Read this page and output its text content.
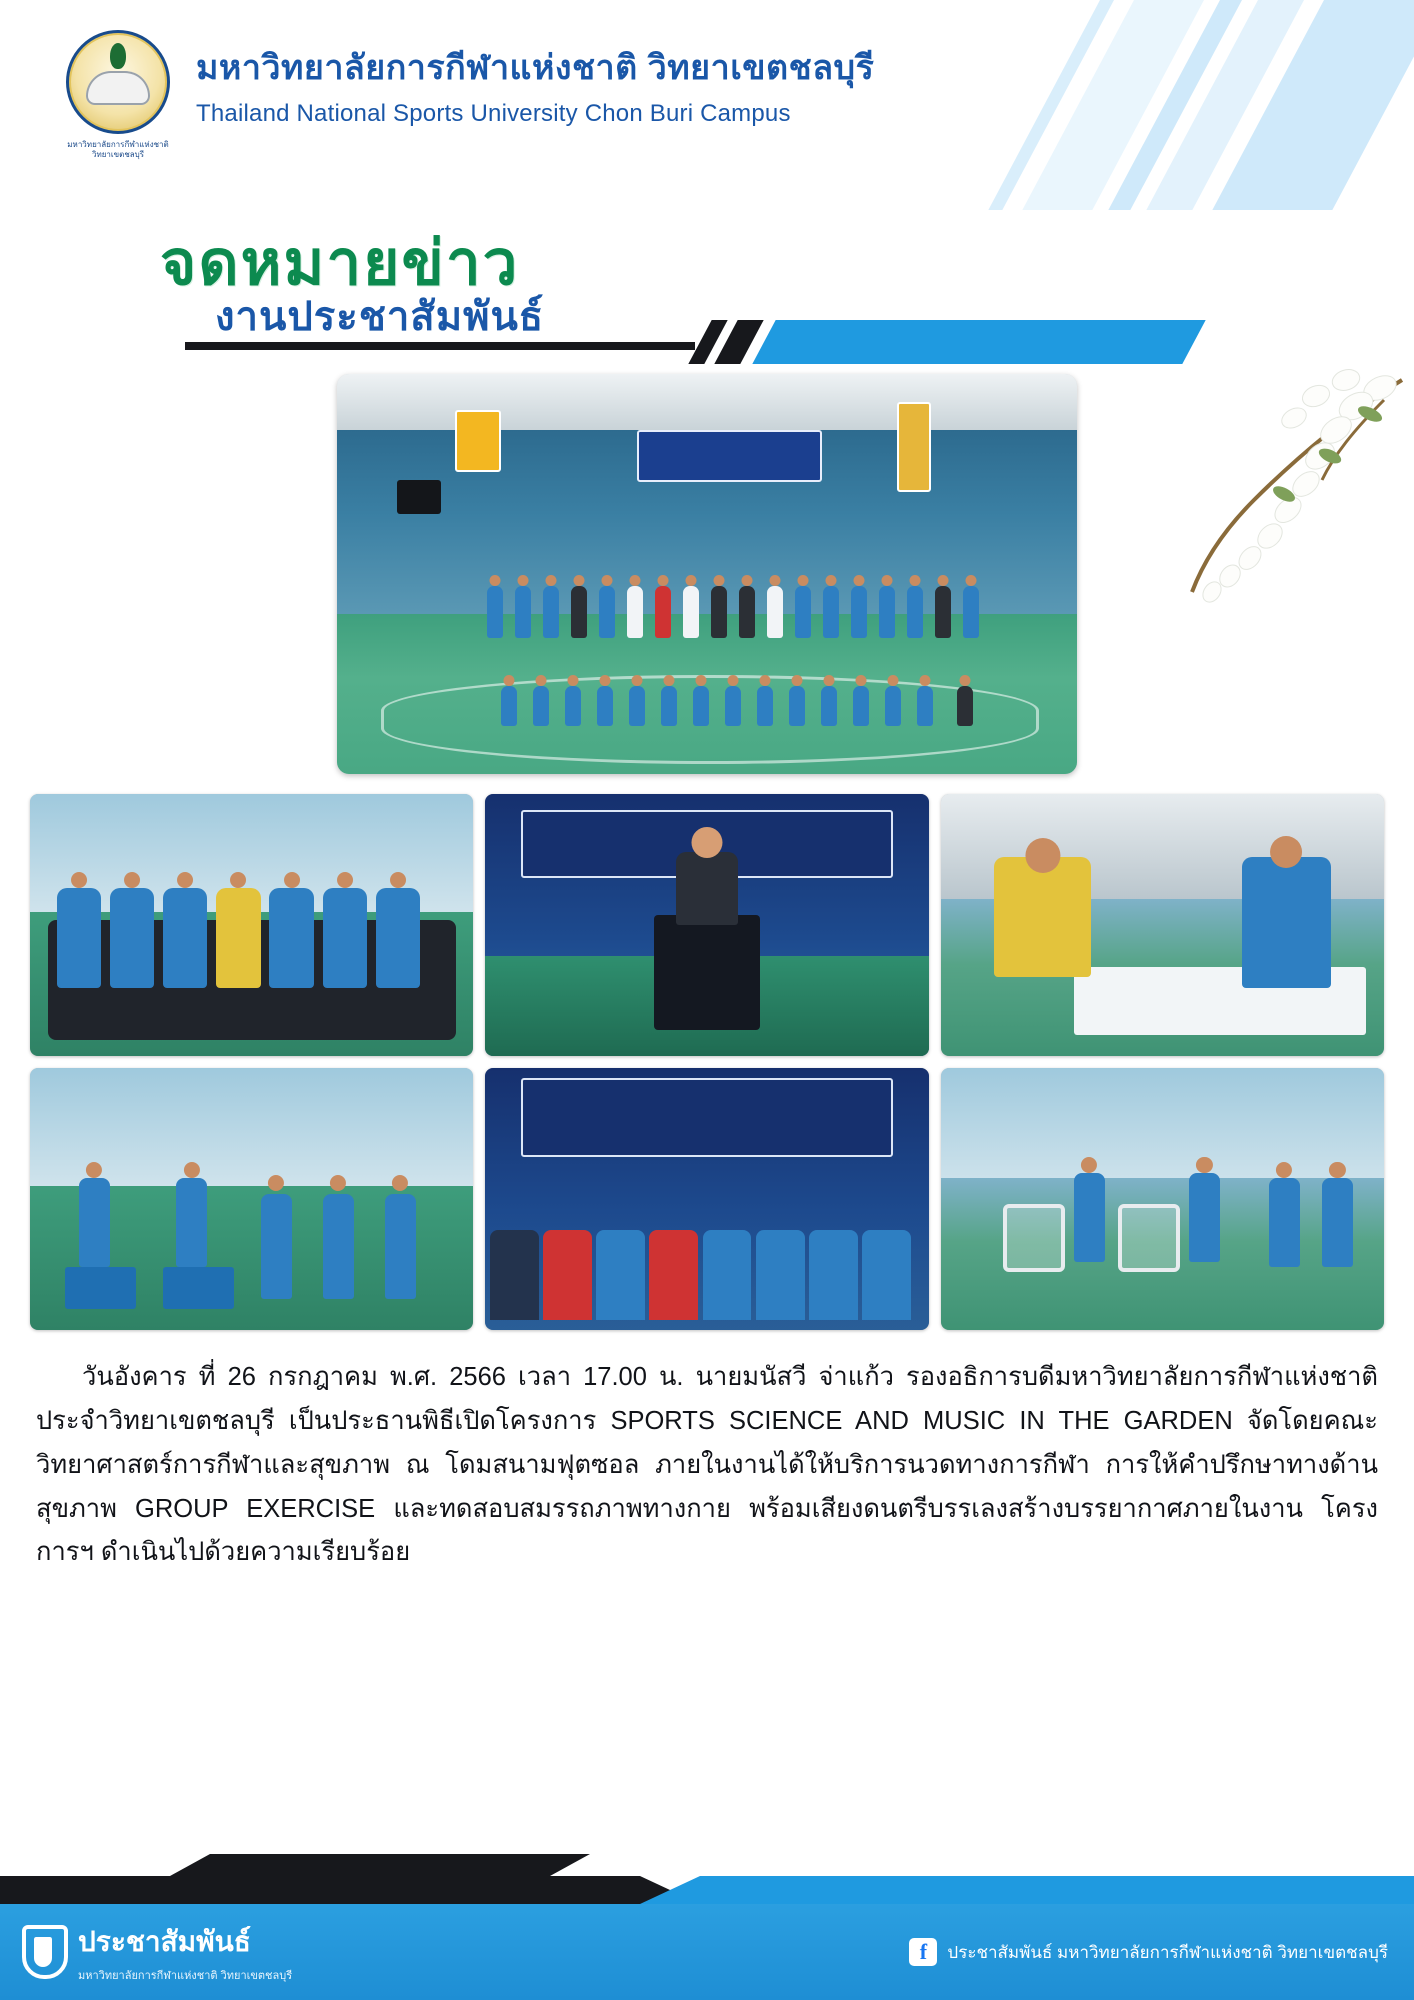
มหาวิทยาลัยการกีฬาแห่งชาติ
วิทยาเขตชลบุรี
มหาวิทยาลัยการกีฬาแห่งชาติ วิทยาเขตชลบุรี
Thailand National Sports University Chon Buri Campus
จดหมายข่าว
งานประชาสัมพันธ์

วันอังคาร ที่ 26 กรกฎาคม พ.ศ. 2566 เวลา 17.00 น. นายมนัสวี จ่าแก้ว รองอธิการบดีมหาวิทยาลัยการกีฬาแห่งชาติ ประจำวิทยาเขตชลบุรี เป็นประธานพิธีเปิดโครงการ SPORTS SCIENCE AND MUSIC IN THE GARDEN จัดโดยคณะวิทยาศาสตร์การกีฬาและสุขภาพ ณ โดมสนามฟุตซอล ภายในงานได้ให้บริการนวดทางการกีฬา การให้คำปรึกษาทางด้านสุขภาพ GROUP EXERCISE และทดสอบสมรรถภาพทางกาย พร้อมเสียงดนตรีบรรเลงสร้างบรรยากาศภายในงาน โครงการฯ ดำเนินไปด้วยความเรียบร้อย

ประชาสัมพันธ์
มหาวิทยาลัยการกีฬาแห่งชาติ วิทยาเขตชลบุรี
f	ประชาสัมพันธ์ มหาวิทยาลัยการกีฬาแห่งชาติ วิทยาเขตชลบุรี
